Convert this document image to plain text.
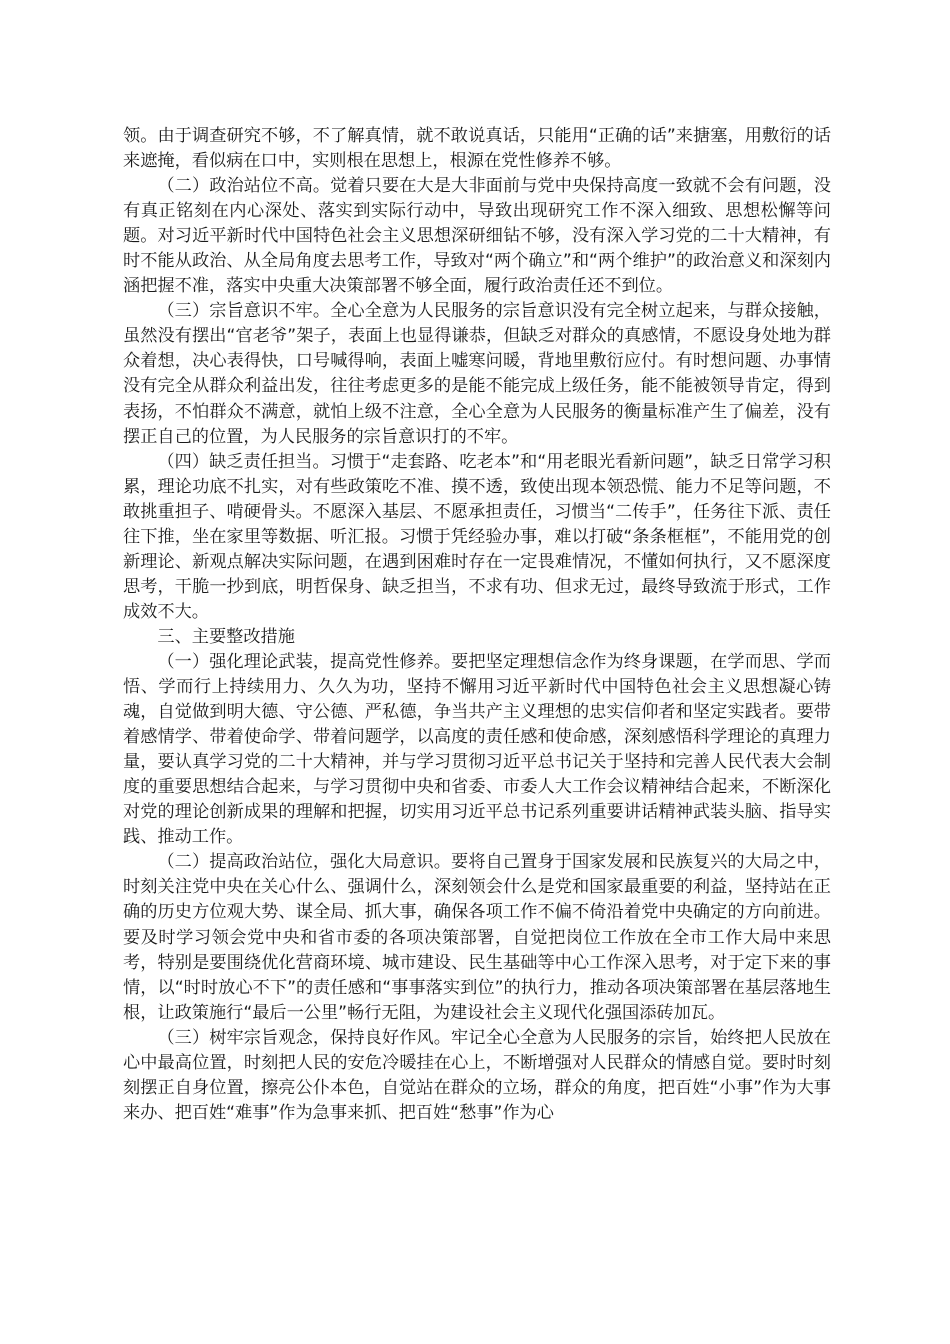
领。由于调查研究不够，不了解真情，就不敢说真话，只能用“正确的话”来搪塞，用敷衍的话来遮掩，看似病在口中，实则根在思想上，根源在党性修养不够。

（二）政治站位不高。觉着只要在大是大非面前与党中央保持高度一致就不会有问题，没有真正铭刻在内心深处、落实到实际行动中，导致出现研究工作不深入细致、思想松懈等问题。对习近平新时代中国特色社会主义思想深研细钻不够，没有深入学习党的二十大精神，有时不能从政治、从全局角度去思考工作，导致对“两个确立”和“两个维护”的政治意义和深刻内涵把握不准，落实中央重大决策部署不够全面，履行政治责任还不到位。

（三）宗旨意识不牢。全心全意为人民服务的宗旨意识没有完全树立起来，与群众接触，虽然没有摆出“官老爷”架子，表面上也显得谦恭，但缺乏对群众的真感情，不愿设身处地为群众着想，决心表得快，口号喊得响，表面上嘘寒问暖，背地里敷衍应付。有时想问题、办事情没有完全从群众利益出发，往往考虑更多的是能不能完成上级任务，能不能被领导肯定，得到表扬，不怕群众不满意，就怕上级不注意，全心全意为人民服务的衡量标准产生了偏差，没有摆正自己的位置，为人民服务的宗旨意识打的不牢。

（四）缺乏责任担当。习惯于“走套路、吃老本”和“用老眼光看新问题”，缺乏日常学习积累，理论功底不扎实，对有些政策吃不准、摸不透，致使出现本领恐慌、能力不足等问题，不敢挑重担子、啃硬骨头。不愿深入基层、不愿承担责任，习惯当“二传手”，任务往下派、责任往下推，坐在家里等数据、听汇报。习惯于凭经验办事，难以打破“条条框框”，不能用党的创新理论、新观点解决实际问题，在遇到困难时存在一定畏难情况，不懂如何执行，又不愿深度思考，干脆一抄到底，明哲保身、缺乏担当，不求有功、但求无过，最终导致流于形式，工作成效不大。

三、主要整改措施

（一）强化理论武装，提高党性修养。要把坚定理想信念作为终身课题，在学而思、学而悟、学而行上持续用力、久久为功，坚持不懈用习近平新时代中国特色社会主义思想凝心铸魂，自觉做到明大德、守公德、严私德，争当共产主义理想的忠实信仰者和坚定实践者。要带着感情学、带着使命学、带着问题学，以高度的责任感和使命感，深刻感悟科学理论的真理力量，要认真学习党的二十大精神，并与学习贯彻习近平总书记关于坚持和完善人民代表大会制度的重要思想结合起来，与学习贯彻中央和省委、市委人大工作会议精神结合起来，不断深化对党的理论创新成果的理解和把握，切实用习近平总书记系列重要讲话精神武装头脑、指导实践、推动工作。

（二）提高政治站位，强化大局意识。要将自己置身于国家发展和民族复兴的大局之中，时刻关注党中央在关心什么、强调什么，深刻领会什么是党和国家最重要的利益，坚持站在正确的历史方位观大势、谋全局、抓大事，确保各项工作不偏不倚沿着党中央确定的方向前进。要及时学习领会党中央和省市委的各项决策部署，自觉把岗位工作放在全市工作大局中来思考，特别是要围绕优化营商环境、城市建设、民生基础等中心工作深入思考，对于定下来的事情，以“时时放心不下”的责任感和“事事落实到位”的执行力，推动各项决策部署在基层落地生根，让政策施行“最后一公里”畅行无阻，为建设社会主义现代化强国添砖加瓦。

（三）树牢宗旨观念，保持良好作风。牢记全心全意为人民服务的宗旨，始终把人民放在心中最高位置，时刻把人民的安危冷暖挂在心上，不断增强对人民群众的情感自觉。要时时刻刻摆正自身位置，擦亮公仆本色，自觉站在群众的立场，群众的角度，把百姓“小事”作为大事来办、把百姓“难事”作为急事来抓、把百姓“愁事”作为心
